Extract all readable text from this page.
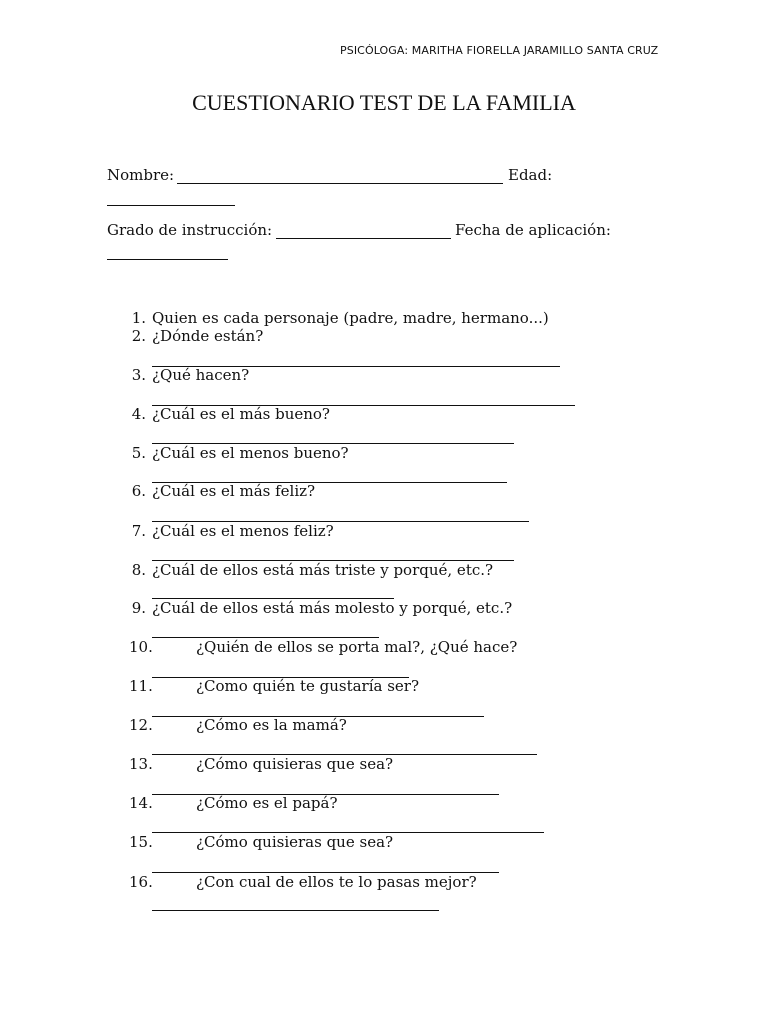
PSICÓLOGA: MARITHA FIORELLA JARAMILLO SANTA CRUZ
CUESTIONARIO TEST DE LA FAMILIA
Nombre:	Edad:
Grado de instrucción:	Fecha de aplicación:
1. Quien es cada personaje (padre, madre, hermano...)
2. ¿Dónde están?
3. ¿Qué hacen?
4. ¿Cuál es el más bueno?
5. ¿Cuál es el menos bueno?
6. ¿Cuál es el más feliz?
7. ¿Cuál es el menos feliz?
8. ¿Cuál de ellos está más triste y porqué, etc.?
9. ¿Cuál de ellos está más molesto y porqué, etc.?
10.	¿Quién de ellos se porta mal?, ¿Qué hace?
11.	¿Como quién te gustaría ser?
12.	¿Cómo es la mamá?
13.	¿Cómo quisieras que sea?
14.	¿Cómo es el papá?
15.	¿Cómo quisieras que sea?
16.	¿Con cual de ellos te lo pasas mejor?
